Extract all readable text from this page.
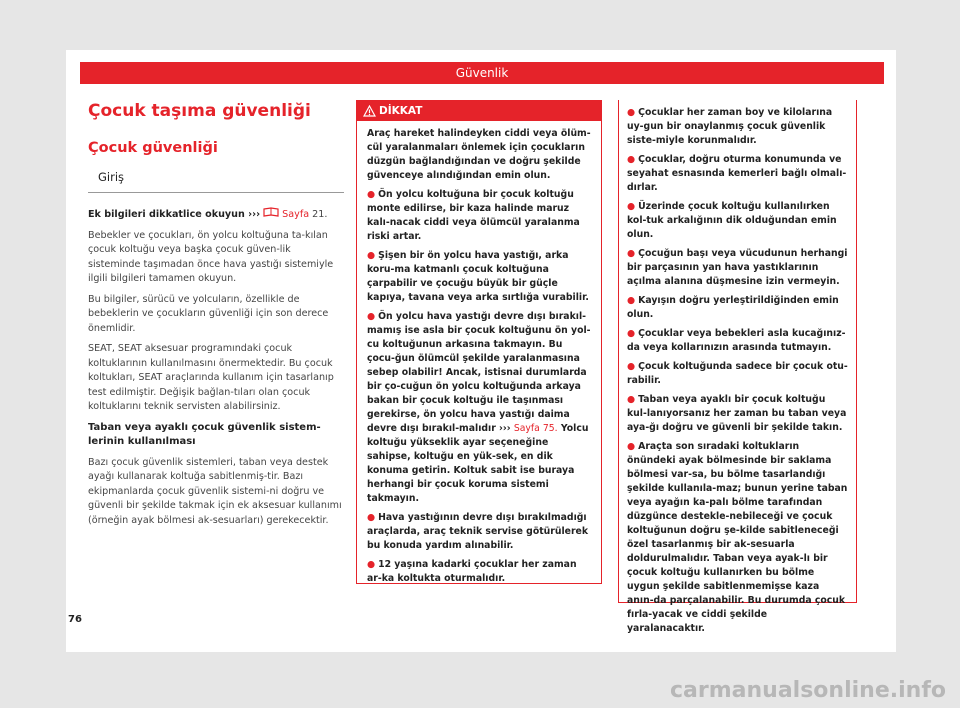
Güvenlik
Çocuk taşıma güvenliği
Çocuk güvenliği
Giriş

Ek bilgileri dikkatlice okuyun ››› Sayfa 21.

Bebekler ve çocukları, ön yolcu koltuğuna ta-kılan çocuk koltuğu veya başka çocuk güven-lik sisteminde taşımadan önce hava yastığı sistemiyle ilgili bilgileri tamamen okuyun.

Bu bilgiler, sürücü ve yolcuların, özellikle de bebeklerin ve çocukların güvenliği için son derece önemlidir.

SEAT, SEAT aksesuar programındaki çocuk koltuklarının kullanılmasını önermektedir. Bu çocuk koltukları, SEAT araçlarında kullanım için tasarlanıp test edilmiştir. Değişik bağlan-tıları olan çocuk koltuklarını teknik servisten alabilirsiniz.

Taban veya ayaklı çocuk güvenlik sistem-lerinin kullanılması

Bazı çocuk güvenlik sistemleri, taban veya destek ayağı kullanarak koltuğa sabitlenmiş-tir. Bazı ekipmanlarda çocuk güvenlik sistemi-ni doğru ve güvenli bir şekilde takmak için ek aksesuar kullanımı (örneğin ayak bölmesi ak-sesuarları) gerekecektir.

DİKKAT

Araç hareket halindeyken ciddi veya ölüm-cül yaralanmaları önlemek için çocukların düzgün bağlandığından ve doğru şekilde güvenceye alındığından emin olun.

● Ön yolcu koltuğuna bir çocuk koltuğu monte edilirse, bir kaza halinde maruz kalı-nacak ciddi veya ölümcül yaralanma riski artar.

● Şişen bir ön yolcu hava yastığı, arka koru-ma katmanlı çocuk koltuğuna çarpabilir ve çocuğu büyük bir güçle kapıya, tavana veya arka sırtlığa vurabilir.

● Ön yolcu hava yastığı devre dışı bırakıl-mamış ise asla bir çocuk koltuğunu ön yol-cu koltuğunun arkasına takmayın. Bu çocu-ğun ölümcül şekilde yaralanmasına sebep olabilir! Ancak, istisnai durumlarda bir ço-cuğun ön yolcu koltuğunda arkaya bakan bir çocuk koltuğu ile taşınması gerekirse, ön yolcu hava yastığı daima devre dışı bırakıl-malıdır ››› Sayfa 75. Yolcu koltuğu yükseklik ayar seçeneğine sahipse, koltuğu en yük-sek, en dik konuma getirin. Koltuk sabit ise buraya herhangi bir çocuk koruma sistemi takmayın.

● Hava yastığının devre dışı bırakılmadığı araçlarda, araç teknik servise götürülerek bu konuda yardım alınabilir.

● 12 yaşına kadarki çocuklar her zaman ar-ka koltukta oturmalıdır.

● Çocuklar her zaman boy ve kilolarına uy-gun bir onaylanmış çocuk güvenlik siste-miyle korunmalıdır.

● Çocuklar, doğru oturma konumunda ve seyahat esnasında kemerleri bağlı olmalı-dırlar.

● Üzerinde çocuk koltuğu kullanılırken kol-tuk arkalığının dik olduğundan emin olun.

● Çocuğun başı veya vücudunun herhangi bir parçasının yan hava yastıklarının açılma alanına düşmesine izin vermeyin.

● Kayışın doğru yerleştirildiğinden emin olun.

● Çocuklar veya bebekleri asla kucağınız-da veya kollarınızın arasında tutmayın.

● Çocuk koltuğunda sadece bir çocuk otu-rabilir.

● Taban veya ayaklı bir çocuk koltuğu kul-lanıyorsanız her zaman bu taban veya aya-ğı doğru ve güvenli bir şekilde takın.

● Araçta son sıradaki koltukların önündeki ayak bölmesinde bir saklama bölmesi var-sa, bu bölme tasarlandığı şekilde kullanıla-maz; bunun yerine taban veya ayağın ka-palı bölme tarafından düzgünce destekle-nebileceği ve çocuk koltuğunun doğru şe-kilde sabitleneceği özel tasarlanmış bir ak-sesuarla doldurulmalıdır. Taban veya ayak-lı bir çocuk koltuğu kullanırken bu bölme uygun şekilde sabitlenmemişse kaza anın-da parçalanabilir. Bu durumda çocuk fırla-yacak ve ciddi şekilde yaralanacaktır.

76
carmanualsonline.info
